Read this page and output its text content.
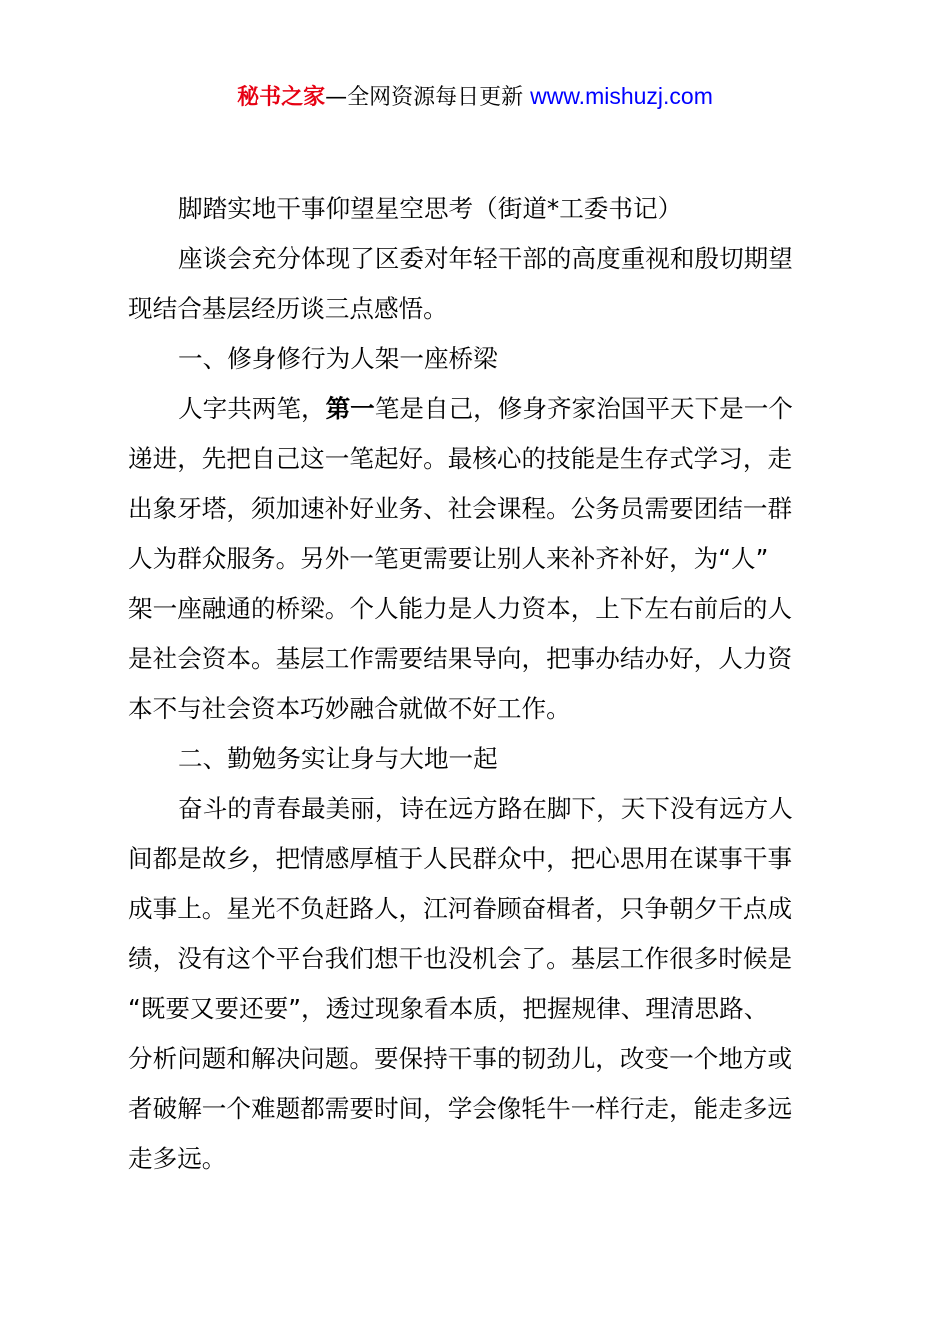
秘书之家—全网资源每日更新 www.mishuzj.com

脚踏实地干事仰望星空思考（街道*工委书记）

座谈会充分体现了区委对年轻干部的高度重视和殷切期望
现结合基层经历谈三点感悟。

一、修身修行为人架一座桥梁

人字共两笔，第一笔是自己，修身齐家治国平天下是一个
递进，先把自己这一笔起好。最核心的技能是生存式学习，走
出象牙塔，须加速补好业务、社会课程。公务员需要团结一群
人为群众服务。另外一笔更需要让别人来补齐补好，为“人”
架一座融通的桥梁。个人能力是人力资本，上下左右前后的人
是社会资本。基层工作需要结果导向，把事办结办好，人力资
本不与社会资本巧妙融合就做不好工作。

二、勤勉务实让身与大地一起

奋斗的青春最美丽，诗在远方路在脚下，天下没有远方人
间都是故乡，把情感厚植于人民群众中，把心思用在谋事干事
成事上。星光不负赶路人，江河眷顾奋楫者，只争朝夕干点成
绩，没有这个平台我们想干也没机会了。基层工作很多时候是
“既要又要还要”，透过现象看本质，把握规律、理清思路、
分析问题和解决问题。要保持干事的韧劲儿，改变一个地方或
者破解一个难题都需要时间，学会像牦牛一样行走，能走多远
走多远。
